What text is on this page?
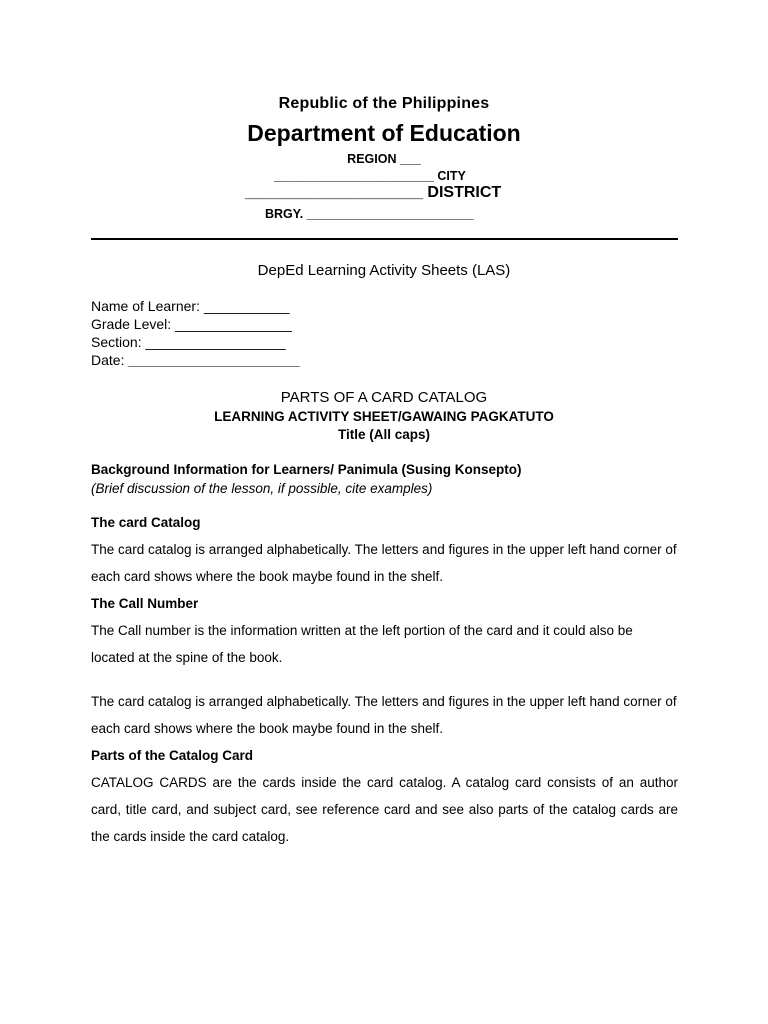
Republic of the Philippines
Department of Education
REGION ___
_______________________ CITY
____________________ DISTRICT
BRGY. ________________________
DepEd Learning Activity Sheets (LAS)
Name of Learner: ___________
Grade Level: _______________
Section: __________________
Date: ______________________
PARTS OF A CARD CATALOG
LEARNING ACTIVITY SHEET/GAWAING PAGKATUTO
Title (All caps)
Background Information for Learners/ Panimula (Susing Konsepto)
(Brief discussion of the lesson, if possible, cite examples)
The card Catalog
The card catalog is arranged alphabetically. The letters and figures in the upper left hand corner of each card shows where the book maybe found in the shelf.
The Call Number
The Call number is the information written at the left portion of the card and it could also be located at the spine of the book.
The card catalog is arranged alphabetically. The letters and figures in the upper left hand corner of each card shows where the book maybe found in the shelf.
Parts of the Catalog Card
CATALOG CARDS are the cards inside the card catalog. A catalog card consists of an author card, title card, and subject card, see reference card and see also parts of the catalog cards are the cards inside the card catalog.
